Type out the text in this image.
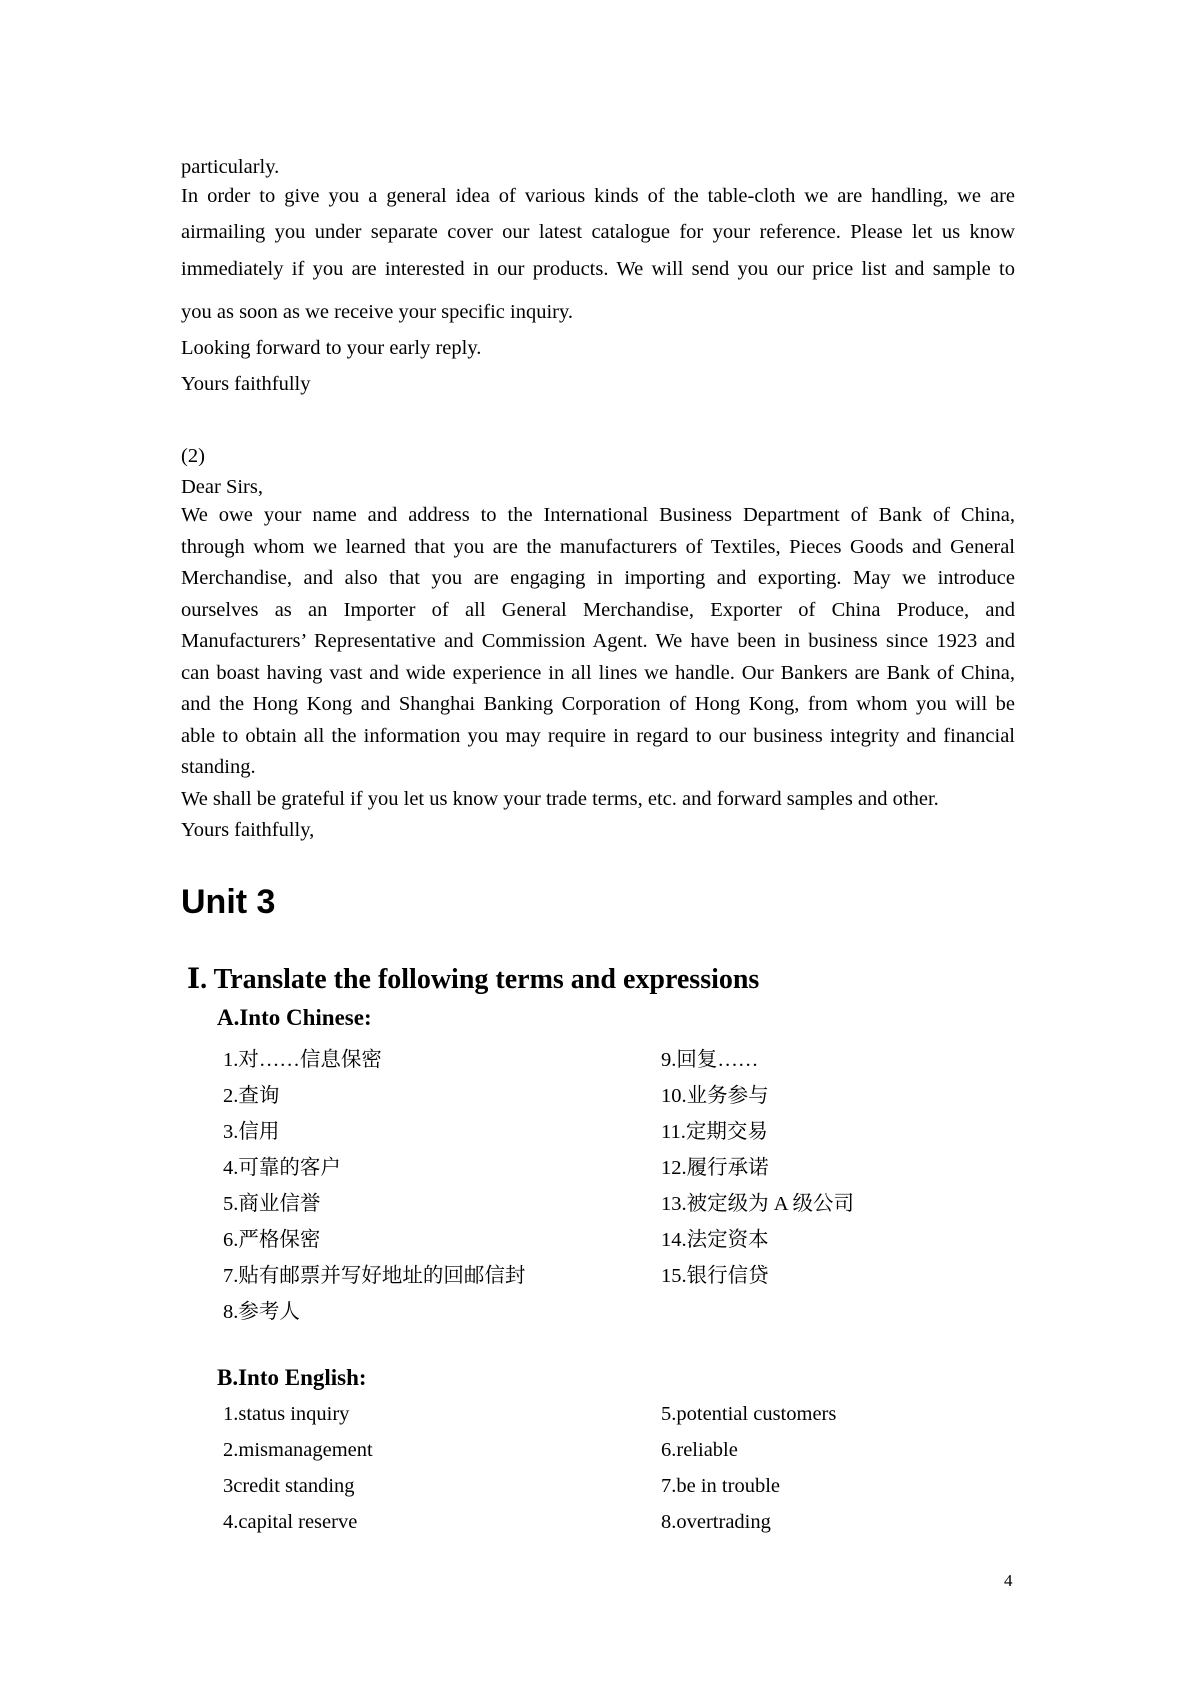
particularly.
In order to give you a general idea of various kinds of the table-cloth we are handling, we are
airmailing you under separate cover our latest catalogue for your reference. Please let us know
immediately if you are interested in our products. We will send you our price list and sample to
you as soon as we receive your specific inquiry.
Looking forward to your early reply.
Yours faithfully
(2)
Dear Sirs,
We owe your name and address to the International Business Department of Bank of China,
through whom we learned that you are the manufacturers of Textiles, Pieces Goods and General
Merchandise, and also that you are engaging in importing and exporting. May we introduce
ourselves as an Importer of all General Merchandise, Exporter of China Produce, and
Manufacturers’ Representative and Commission Agent. We have been in business since 1923 and
can boast having vast and wide experience in all lines we handle. Our Bankers are Bank of China,
and the Hong Kong and Shanghai Banking Corporation of Hong Kong, from whom you will be
able to obtain all the information you may require in regard to our business integrity and financial
standing.
We shall be grateful if you let us know your trade terms, etc. and forward samples and other.
Yours faithfully,
Unit 3
Ⅰ. Translate the following terms and expressions
A.Into Chinese:
1.对……信息保密
2.查询
3.信用
4.可靠的客户
5.商业信誉
6.严格保密
7.贴有邮票并写好地址的回邮信封
8.参考人
9.回复……
10.业务参与
11.定期交易
12.履行承诺
13.被定级为 A 级公司
14.法定资本
15.银行信贷
B.Into English:
1.status inquiry
2.mismanagement
3credit standing
4.capital reserve
5.potential customers
6.reliable
7.be in trouble
8.overtrading
4
